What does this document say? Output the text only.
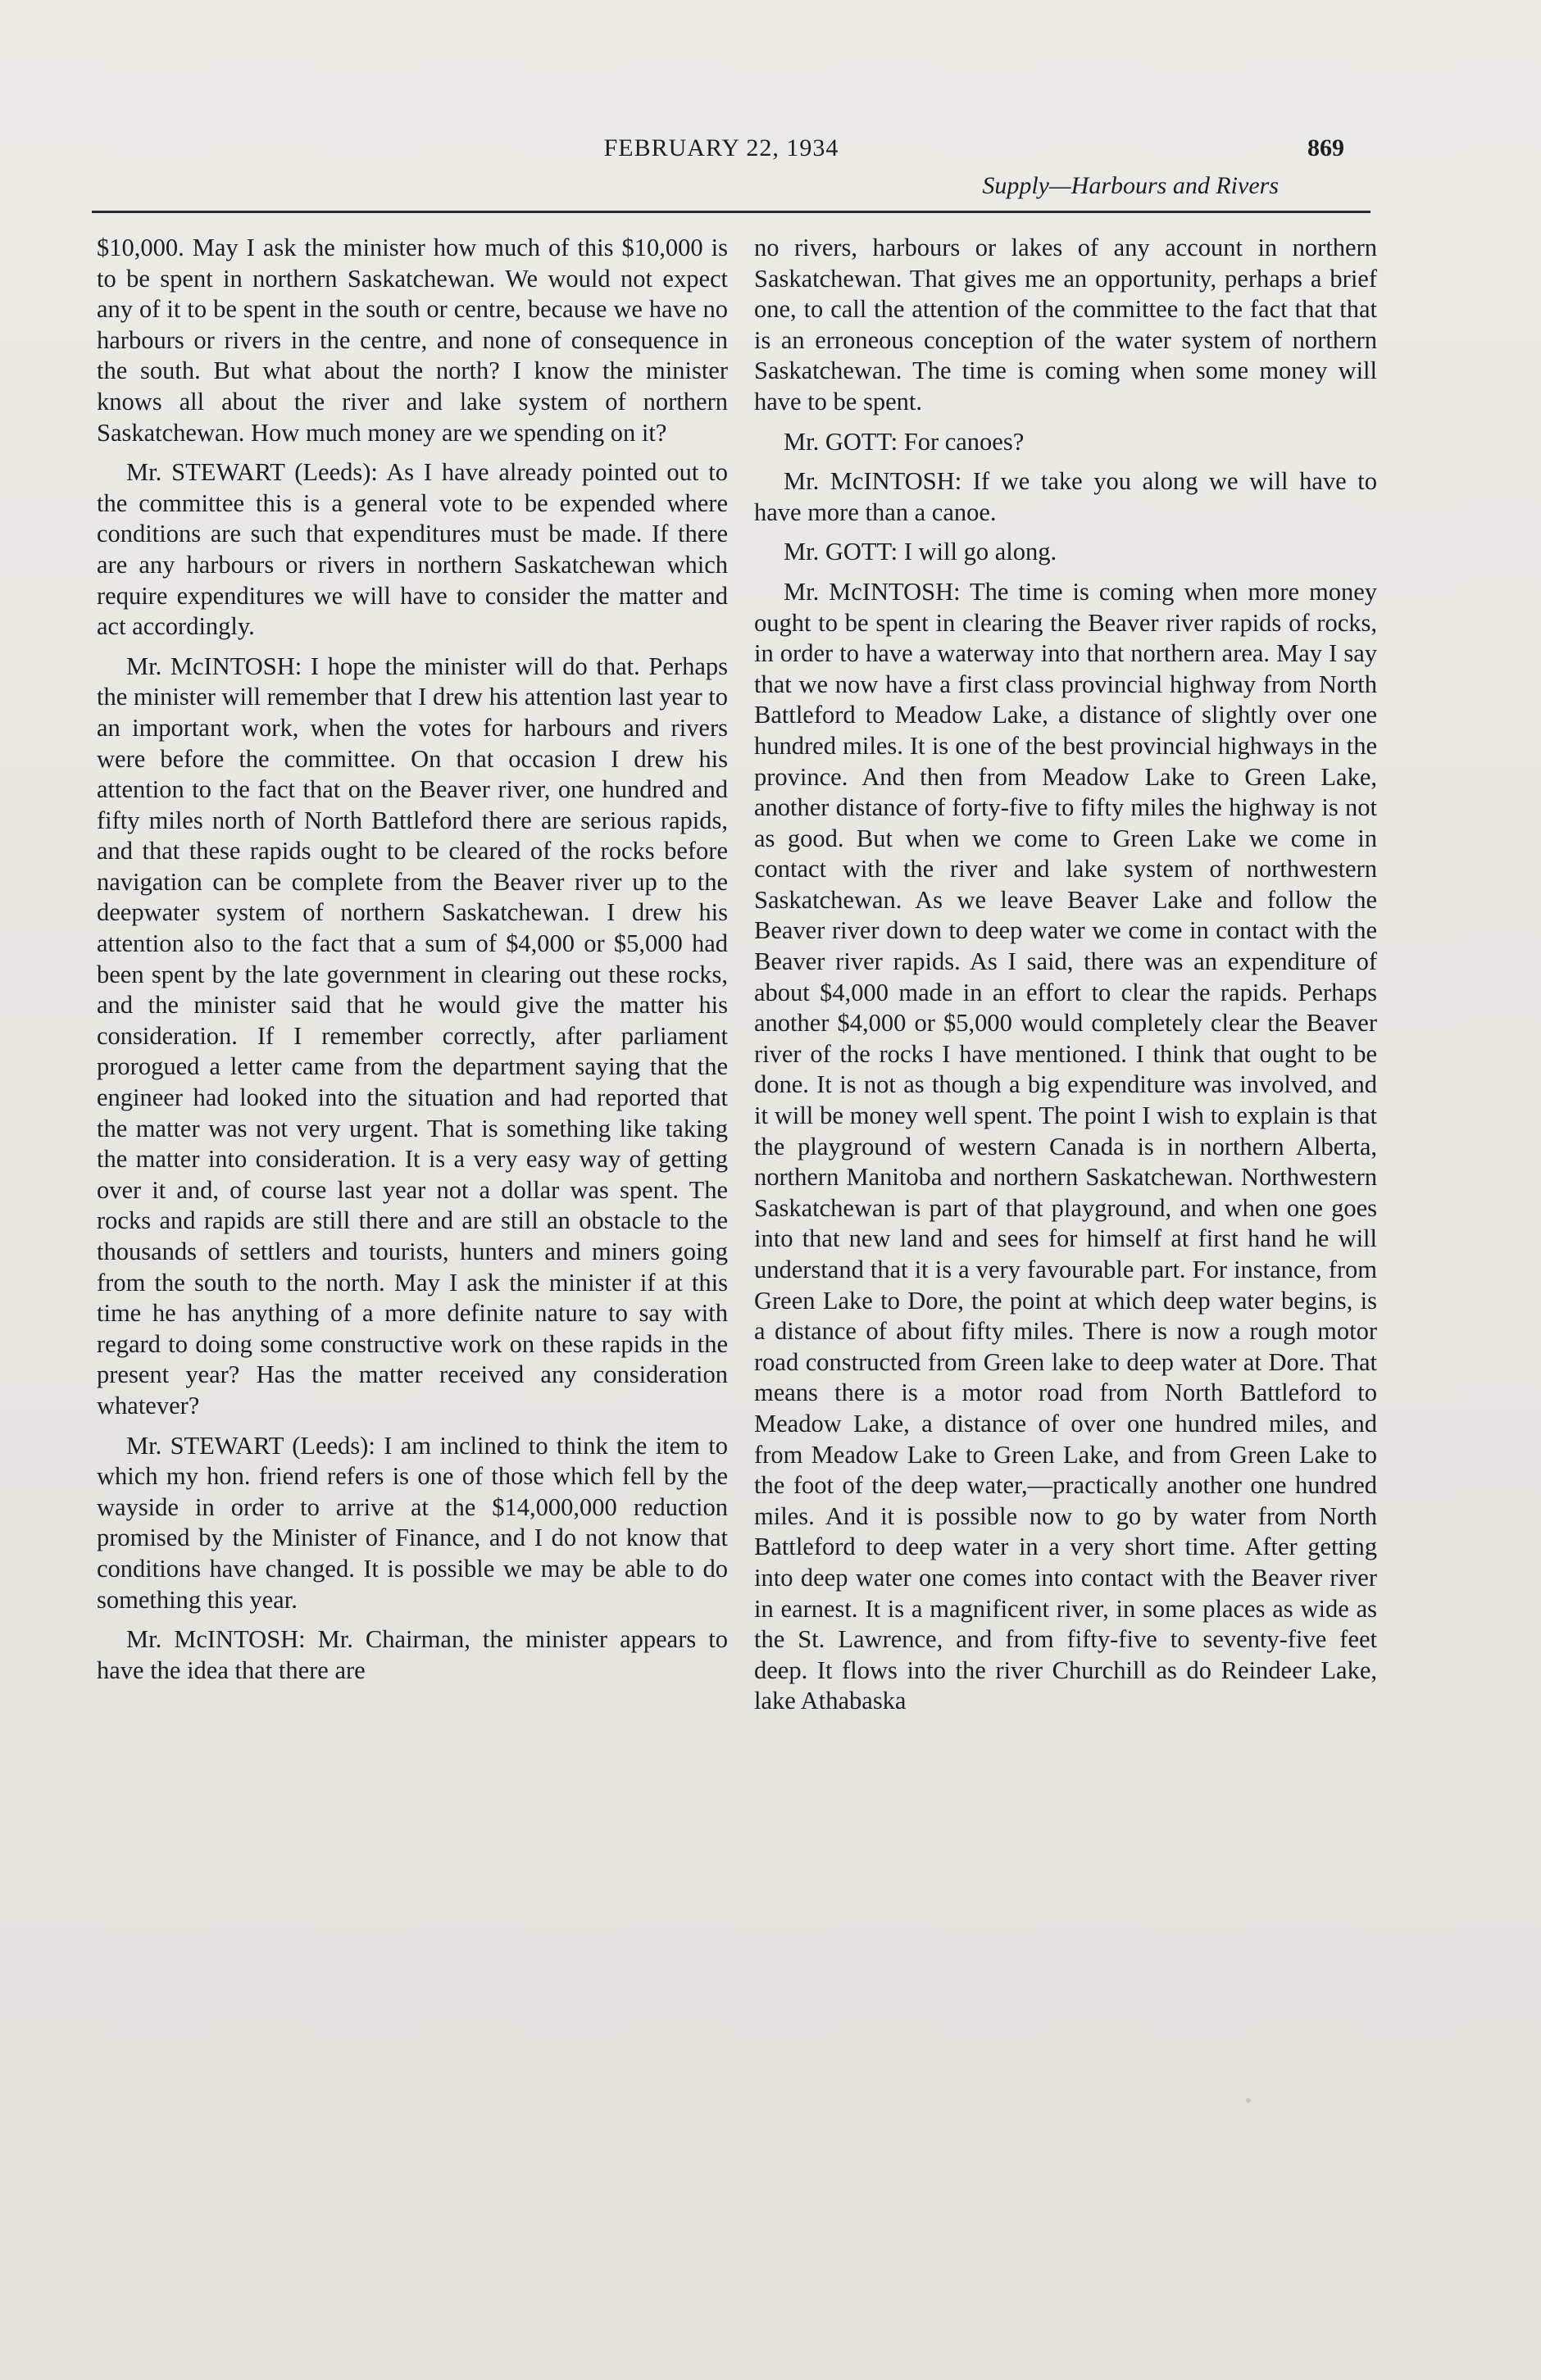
FEBRUARY 22, 1934	869
Supply—Harbours and Rivers

$10,000. May I ask the minister how much of this $10,000 is to be spent in northern Saskatchewan. We would not expect any of it to be spent in the south or centre, because we have no harbours or rivers in the centre, and none of consequence in the south. But what about the north? I know the minister knows all about the river and lake system of northern Saskatchewan. How much money are we spending on it?

Mr. STEWART (Leeds): As I have already pointed out to the committee this is a general vote to be expended where conditions are such that expenditures must be made. If there are any harbours or rivers in northern Saskatchewan which require expenditures we will have to consider the matter and act accordingly.

Mr. McINTOSH: I hope the minister will do that. Perhaps the minister will remember that I drew his attention last year to an important work, when the votes for harbours and rivers were before the committee. On that occasion I drew his attention to the fact that on the Beaver river, one hundred and fifty miles north of North Battleford there are serious rapids, and that these rapids ought to be cleared of the rocks before navigation can be complete from the Beaver river up to the deepwater system of northern Saskatchewan. I drew his attention also to the fact that a sum of $4,000 or $5,000 had been spent by the late government in clearing out these rocks, and the minister said that he would give the matter his consideration. If I remember correctly, after parliament prorogued a letter came from the department saying that the engineer had looked into the situation and had reported that the matter was not very urgent. That is something like taking the matter into consideration. It is a very easy way of getting over it and, of course last year not a dollar was spent. The rocks and rapids are still there and are still an obstacle to the thousands of settlers and tourists, hunters and miners going from the south to the north. May I ask the minister if at this time he has anything of a more definite nature to say with regard to doing some constructive work on these rapids in the present year? Has the matter received any consideration whatever?

Mr. STEWART (Leeds): I am inclined to think the item to which my hon. friend refers is one of those which fell by the wayside in order to arrive at the $14,000,000 reduction promised by the Minister of Finance, and I do not know that conditions have changed. It is possible we may be able to do something this year.

Mr. McINTOSH: Mr. Chairman, the minister appears to have the idea that there are

no rivers, harbours or lakes of any account in northern Saskatchewan. That gives me an opportunity, perhaps a brief one, to call the attention of the committee to the fact that that is an erroneous conception of the water system of northern Saskatchewan. The time is coming when some money will have to be spent.

Mr. GOTT: For canoes?

Mr. McINTOSH: If we take you along we will have to have more than a canoe.

Mr. GOTT: I will go along.

Mr. McINTOSH: The time is coming when more money ought to be spent in clearing the Beaver river rapids of rocks, in order to have a waterway into that northern area. May I say that we now have a first class provincial highway from North Battleford to Meadow Lake, a distance of slightly over one hundred miles. It is one of the best provincial highways in the province. And then from Meadow Lake to Green Lake, another distance of forty-five to fifty miles the highway is not as good. But when we come to Green Lake we come in contact with the river and lake system of northwestern Saskatchewan. As we leave Beaver Lake and follow the Beaver river down to deep water we come in contact with the Beaver river rapids. As I said, there was an expenditure of about $4,000 made in an effort to clear the rapids. Perhaps another $4,000 or $5,000 would completely clear the Beaver river of the rocks I have mentioned. I think that ought to be done. It is not as though a big expenditure was involved, and it will be money well spent. The point I wish to explain is that the playground of western Canada is in northern Alberta, northern Manitoba and northern Saskatchewan. Northwestern Saskatchewan is part of that playground, and when one goes into that new land and sees for himself at first hand he will understand that it is a very favourable part. For instance, from Green Lake to Dore, the point at which deep water begins, is a distance of about fifty miles. There is now a rough motor road constructed from Green lake to deep water at Dore. That means there is a motor road from North Battleford to Meadow Lake, a distance of over one hundred miles, and from Meadow Lake to Green Lake, and from Green Lake to the foot of the deep water,—practically another one hundred miles. And it is possible now to go by water from North Battleford to deep water in a very short time. After getting into deep water one comes into contact with the Beaver river in earnest. It is a magnificent river, in some places as wide as the St. Lawrence, and from fifty-five to seventy-five feet deep. It flows into the river Churchill as do Reindeer Lake, lake Athabaska
